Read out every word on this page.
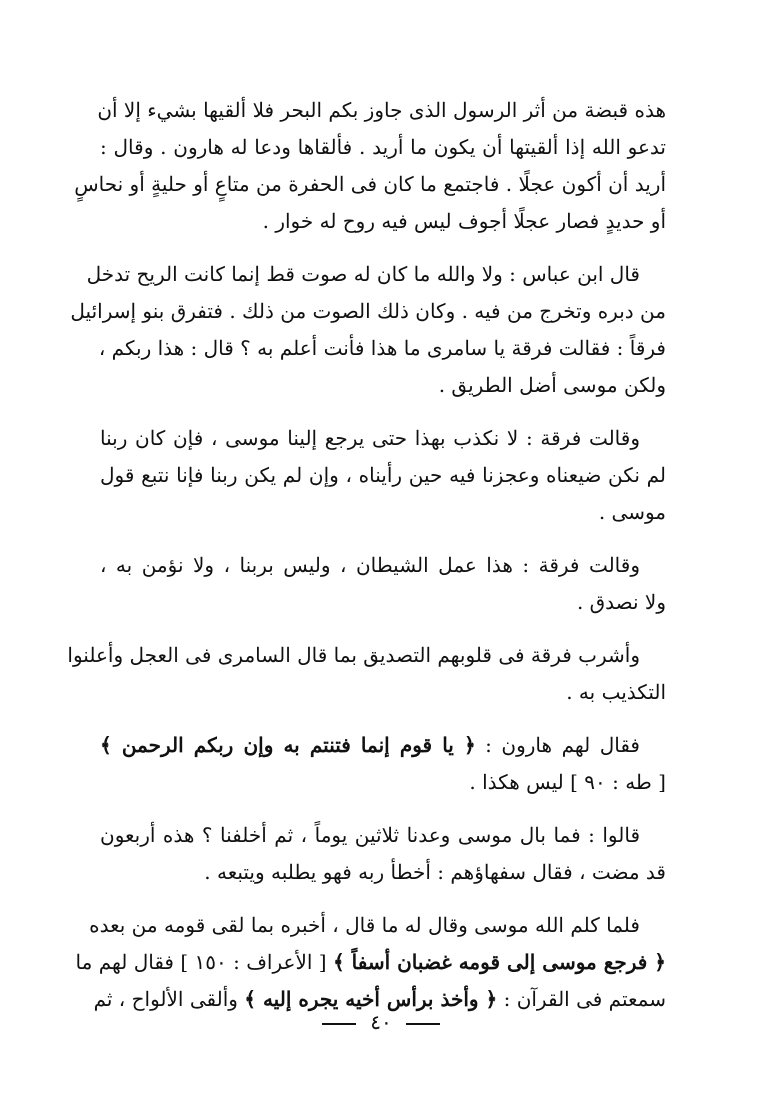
هذه قبضة من أثر الرسول الذى جاوز بكم البحر فلا ألقيها بشيء إلا أن
تدعو الله إذا ألقيتها أن يكون ما أريد . فألقاها ودعا له هارون . وقال :
أريد أن أكون عجلًا . فاجتمع ما كان فى الحفرة من متاعٍ أو حليةٍ أو نحاسٍ
أو حديدٍ فصار عجلًا أجوف ليس فيه روح له خوار .

قال ابن عباس : ولا والله ما كان له صوت قط إنما كانت الريح تدخل
من دبره وتخرج من فيه . وكان ذلك الصوت من ذلك . فتفرق بنو إسرائيل
فرقاً : فقالت فرقة يا سامرى ما هذا فأنت أعلم به ؟ قال : هذا ربكم ،
ولكن موسى أضل الطريق .

وقالت فرقة : لا نكذب بهذا حتى يرجع إلينا موسى ، فإن كان ربنا
لم نكن ضيعناه وعجزنا فيه حين رأيناه ، وإن لم يكن ربنا فإنا نتبع قول
موسى .

وقالت فرقة : هذا عمل الشيطان ، وليس بربنا ، ولا نؤمن به ،
ولا نصدق .

وأشرب فرقة فى قلوبهم التصديق بما قال السامرى فى العجل وأعلنوا
التكذيب به .

فقال لهم هارون : ﴿ يا قوم إنما فتنتم به وإن ربكم الرحمن ﴾
[ طه : ٩٠ ] ليس هكذا .

قالوا : فما بال موسى وعدنا ثلاثين يوماً ، ثم أخلفنا ؟ هذه أربعون
قد مضت ، فقال سفهاؤهم : أخطأ ربه فهو يطلبه ويتبعه .

فلما كلم الله موسى وقال له ما قال ، أخبره بما لقى قومه من بعده
﴿ فرجع موسى إلى قومه غضبان أسفاً ﴾ [ الأعراف : ١٥٠ ] فقال لهم ما
سمعتم فى القرآن : ﴿ وأخذ برأس أخيه يجره إليه ﴾ وألقى الألواح ، ثم

٤٠
